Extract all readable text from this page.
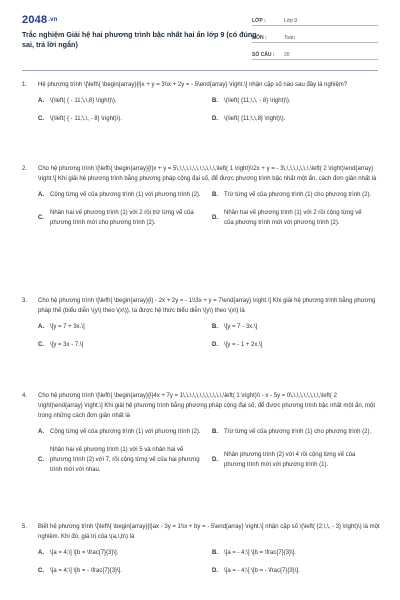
2048.vn
Trắc nghiệm Giải hệ hai phương trình bậc nhất hai ẩn lớp 9 (có đúng sai, trả lời ngắn)
LỚP :	Lớp 9
MÔN :	Toán
SỐ CÂU :	20
1.	Hệ phương trình \[\left\{ \begin{array}{l}x + y = 3\\x + 2y = - 5\end{array} \right.\] nhận cặp số nào sau đây là nghiệm?
A.	\(\left( { - 11;\,\,8} \right)\).	B.	\(\left( {11;\,\, - 8} \right)\).
C.	\(\left( { - 11;\,\, - 8} \right)\).	D.	\(\left( {11;\,\,8} \right)\).
2.	Cho hệ phương trình \[\left\{ \begin{array}{l}x + y = 5\,\,\,\,\,\,\,\,\,\,\,\,\left( 1 \right)\\2x + y = - 3\,\,\,\,\,\,\,\,\left( 2 \right)\end{array} \right.\] Khi giải hệ phương trình bằng phương pháp cộng đại số, để được phương trình bậc nhất một ẩn, cách đơn giản nhất là
A.	Cộng từng vế của phương trình (1) với phương trình (2).	B.	Trừ từng vế của phương trình (1) cho phương trình (2).
C.
Nhân hai vế phương trình (1) với 2 rồi trừ từng vế của phương trình mới cho phương trình (2).
D.
Nhân hai vế phương trình (1) với 2 rồi cộng từng vế của phương trình mới với phương trình (2).
3.	Cho hệ phương trình \[\left\{ \begin{array}{l} - 2x + 2y = - 1\\3x + y = 7\end{array} \right.\] Khi giải hệ phương trình bằng phương pháp thế (biểu diễn \(y\) theo \(x\)), ta được hệ thức biểu diễn \(y\) theo \(x\) là
A.	\[y = 7 + 3x.\]	B.	\[y = 7 - 3x.\]
C.	\[y = 3x - 7.\]	D.	\[y = - 1 + 2x.\]
4.	Cho hệ phương trình \[\left\{ \begin{array}{l}4x + 7y = 1\,\,\,\,\,\,\,\,\,\,\,\,\left( 1 \right)\\ - x - 5y = 0\,\,\,\,\,\,\,\,\,\left( 2 \right)\end{array} \right.\] Khi giải hệ phương trình bằng phương pháp cộng đại số, để được phương trình bậc nhất một ẩn, một trong những cách đơn giản nhất là
A.	Cộng từng vế của phương trình (1) với phương trình (2).	B.	Trừ từng vế của phương trình (1) cho phương trình (2).
C.
Nhân hai vế phương trình (1) với 5 và nhân hai vế phương trình (2) với 7, rồi cộng từng vế của hai phương trình mới với nhau.
D.
Nhân phương trình (2) với 4 rồi cộng từng vế của phương trình mới với phương trình (1).
5.	Biết hệ phương trình \[\left\{ \begin{array}{l}ax - 3y = 1\\x + by = - 5\end{array} \right.\] nhận cặp số \(\left( {2;\,\, - 3} \right)\) là một nghiệm. Khi đó, giá trị của \(a,\,b\) là
A.	\[a = 4;\] \[b = \frac{7}{3}\].	B.	\[a = - 4;\] \[b = \frac{7}{3}\].
C.	\[a = 4;\] \[b = - \frac{7}{3}\].	D.	\[a = - 4;\] \[b = - \frac{7}{3}\].
